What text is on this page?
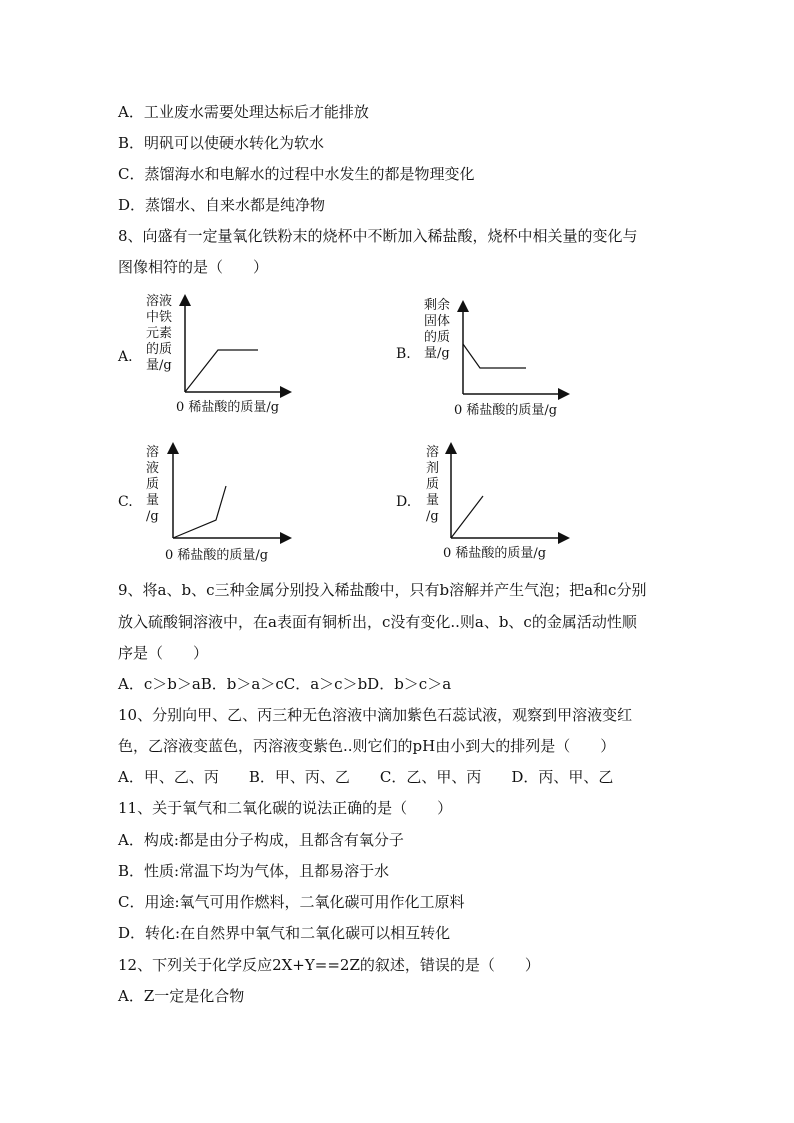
A．工业废水需要处理达标后才能排放
B．明矾可以使硬水转化为软水
C．蒸馏海水和电解水的过程中水发生的都是物理变化
D．蒸馏水、自来水都是纯净物
8、向盛有一定量氧化铁粉末的烧杯中不断加入稀盐酸，烧杯中相关量的变化与
图像相符的是（　　）
A.
溶液
中铁
元素
的质
量/g
0 稀盐酸的质量/g
B.
剩余
固体
的质
量/g
0 稀盐酸的质量/g
C.
溶
液
质
量
/g
0 稀盐酸的质量/g
D.
溶
剂
质
量
/g
0 稀盐酸的质量/g
9、将a、b、c三种金属分别投入稀盐酸中，只有b溶解并产生气泡；把a和c分别
放入硫酸铜溶液中，在a表面有铜析出，c没有变化..则a、b、c的金属活动性顺
序是（　　）
A．c＞b＞aB．b＞a＞cC．a＞c＞bD．b＞c＞a
10、分别向甲、乙、丙三种无色溶液中滴加紫色石蕊试液，观察到甲溶液变红
色，乙溶液变蓝色，丙溶液变紫色..则它们的pH由小到大的排列是（　　）
A．甲、乙、丙　　B．甲、丙、乙　　C．乙、甲、丙　　D．丙、甲、乙
11、关于氧气和二氧化碳的说法正确的是（　　）
A．构成:都是由分子构成，且都含有氧分子
B．性质:常温下均为气体，且都易溶于水
C．用途:氧气可用作燃料，二氧化碳可用作化工原料
D．转化:在自然界中氧气和二氧化碳可以相互转化
12、下列关于化学反应2X+Y==2Z的叙述，错误的是（　　）
A．Z一定是化合物
